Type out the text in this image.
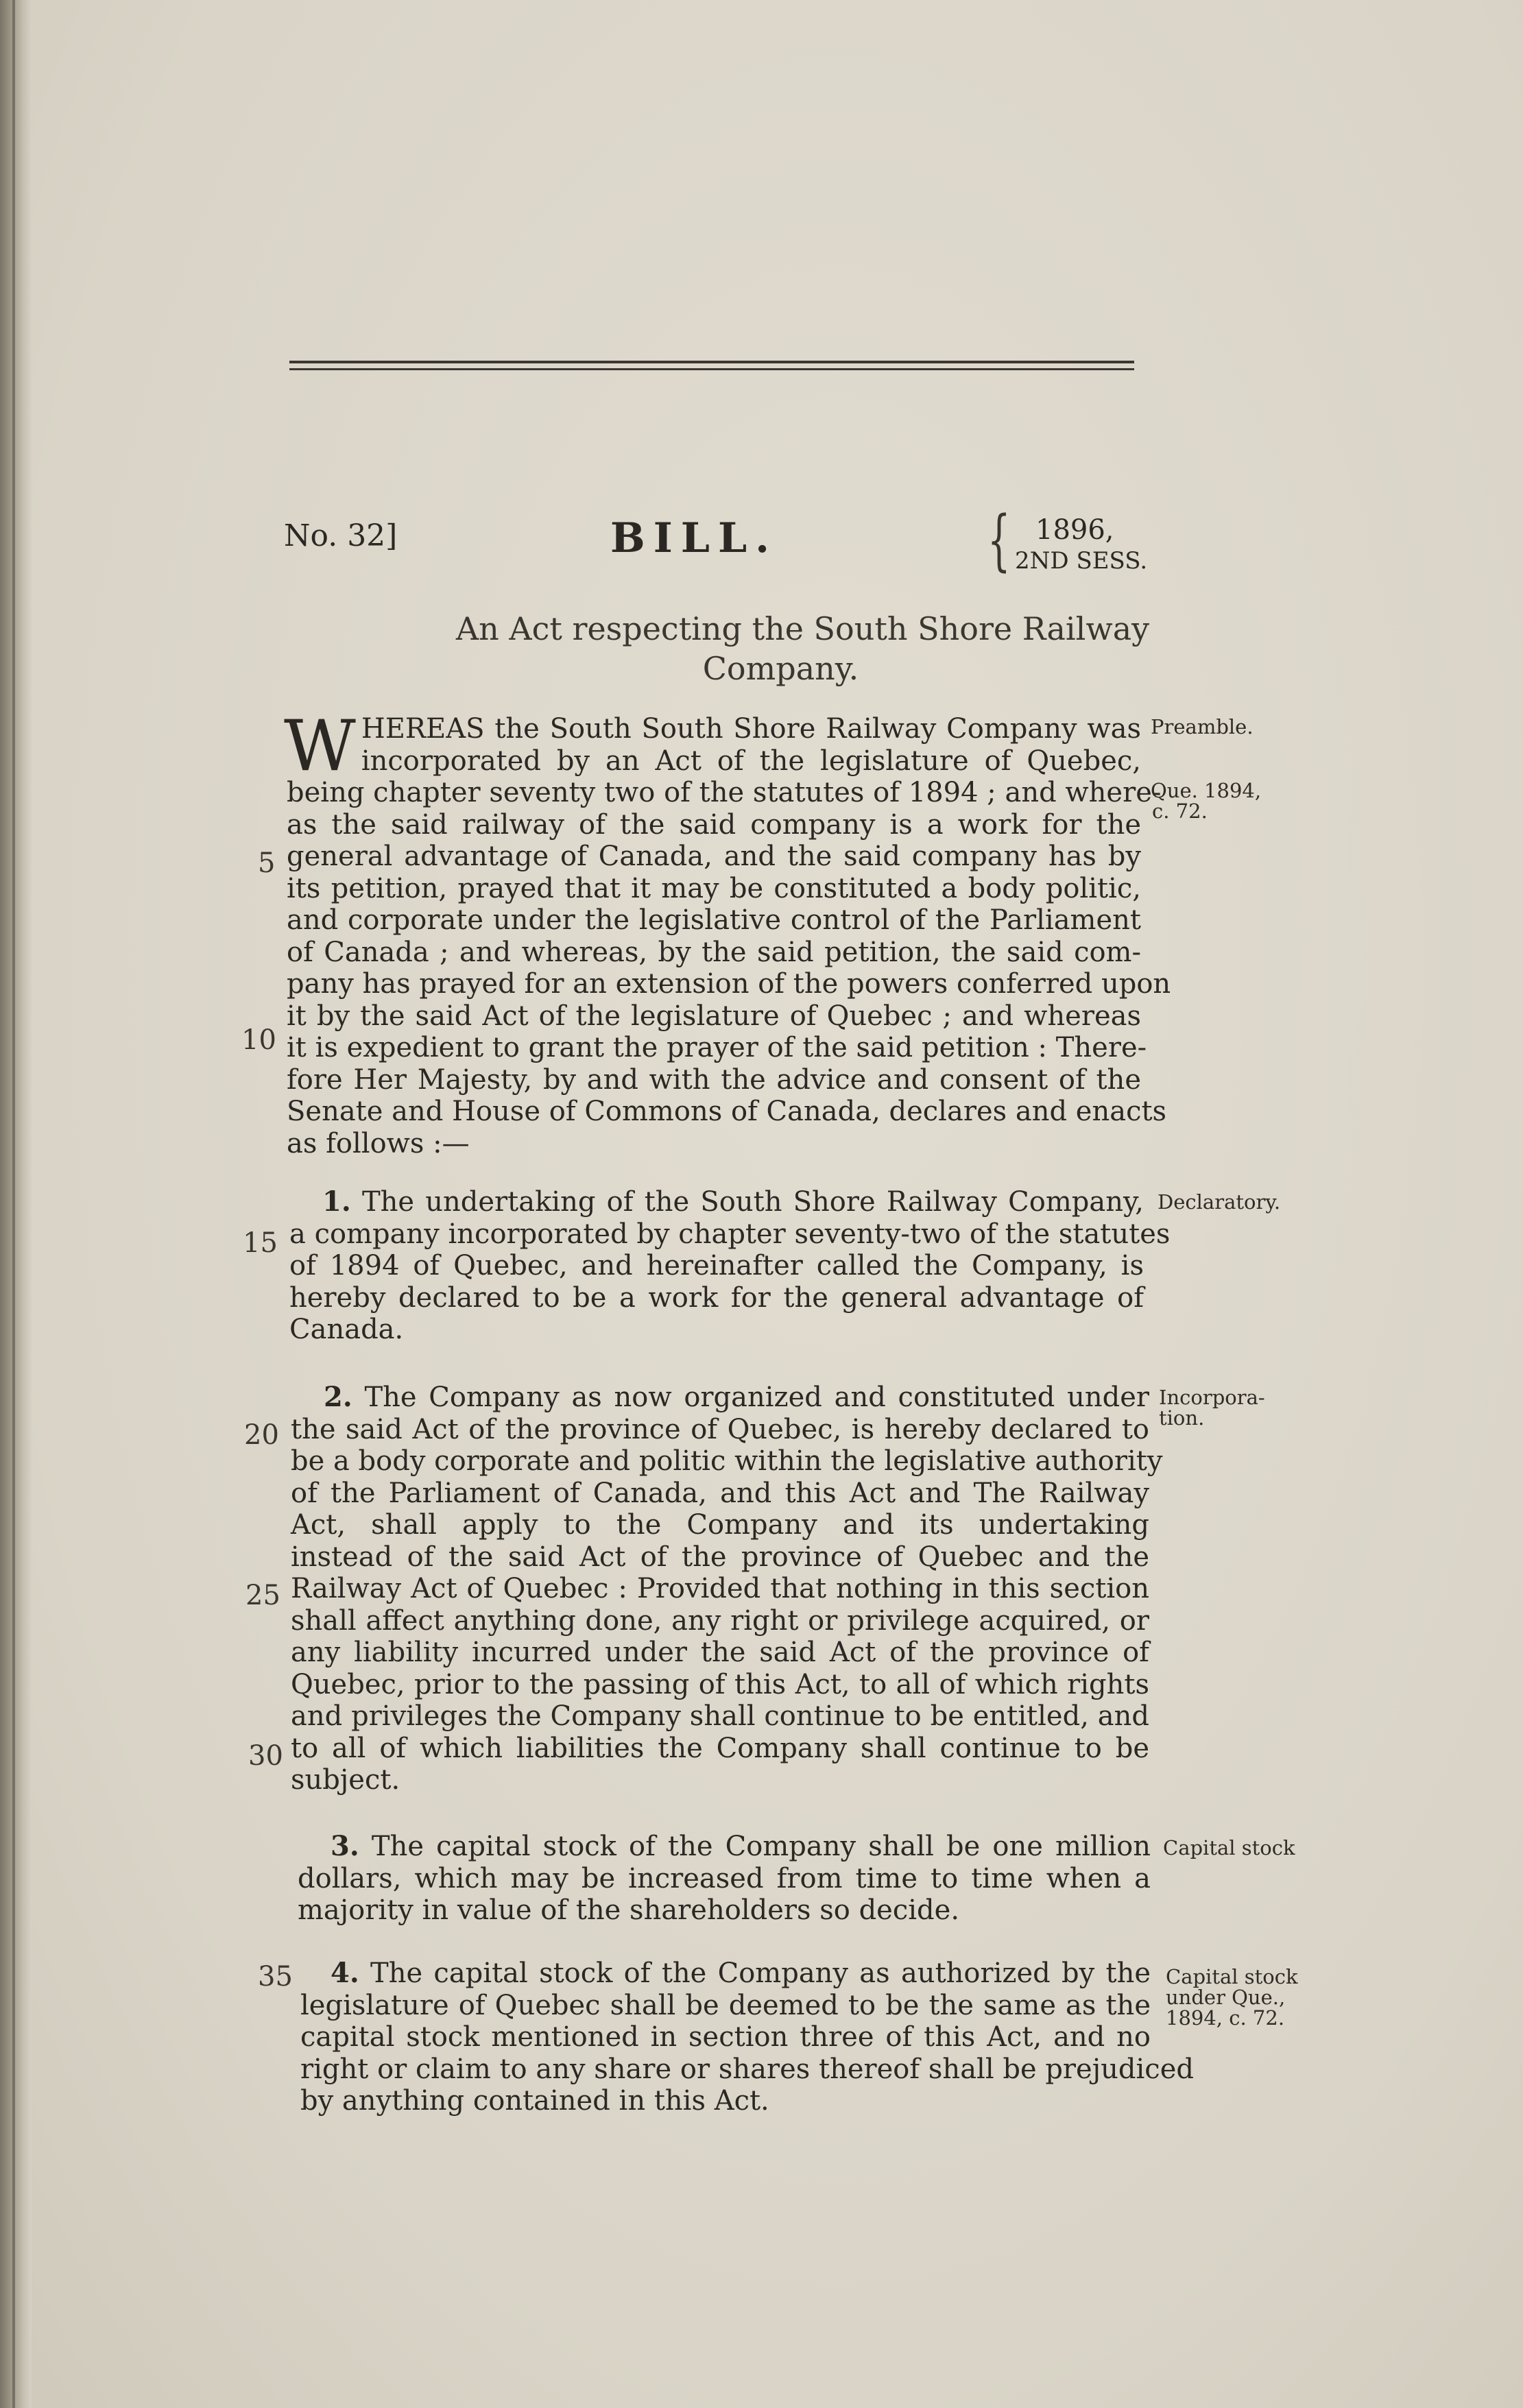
No. 32]	BILL.	{ 1896,
2ND SESS.
An Act respecting the South Shore Railway
Company.
W HEREAS the South South Shore Railway Company was
incorporated by an Act of the legislature of Quebec,
being chapter seventy two of the statutes of 1894 ; and where-
as the said railway of the said company is a work for the
general advantage of Canada, and the said company has by
its petition, prayed that it may be constituted a body politic,
and corporate under the legislative control of the Parliament
of Canada ; and whereas, by the said petition, the said com-
pany has prayed for an extension of the powers conferred upon
it by the said Act of the legislature of Quebec ; and whereas
it is expedient to grant the prayer of the said petition : There-
fore Her Majesty, by and with the advice and consent of the
Senate and House of Commons of Canada, declares and enacts
as follows :—
1. The undertaking of the South Shore Railway Company,
a company incorporated by chapter seventy-two of the statutes
of 1894 of Quebec, and hereinafter called the Company, is
hereby declared to be a work for the general advantage of
Canada.
2. The Company as now organized and constituted under
the said Act of the province of Quebec, is hereby declared to
be a body corporate and politic within the legislative authority
of the Parliament of Canada, and this Act and The Railway
Act, shall apply to the Company and its undertaking
instead of the said Act of the province of Quebec and the
Railway Act of Quebec : Provided that nothing in this section
shall affect anything done, any right or privilege acquired, or
any liability incurred under the said Act of the province of
Quebec, prior to the passing of this Act, to all of which rights
and privileges the Company shall continue to be entitled, and
to all of which liabilities the Company shall continue to be
subject.
3. The capital stock of the Company shall be one million
dollars, which may be increased from time to time when a
majority in value of the shareholders so decide.
4. The capital stock of the Company as authorized by the
legislature of Quebec shall be deemed to be the same as the
capital stock mentioned in section three of this Act, and no
right or claim to any share or shares thereof shall be prejudiced
by anything contained in this Act.
Preamble.
Que. 1894,
c. 72.
Declaratory.
Incorpora-
tion.
Capital stock
Capital stock
under Que.,
1894, c. 72.
5
10
15
20
25
30
35
